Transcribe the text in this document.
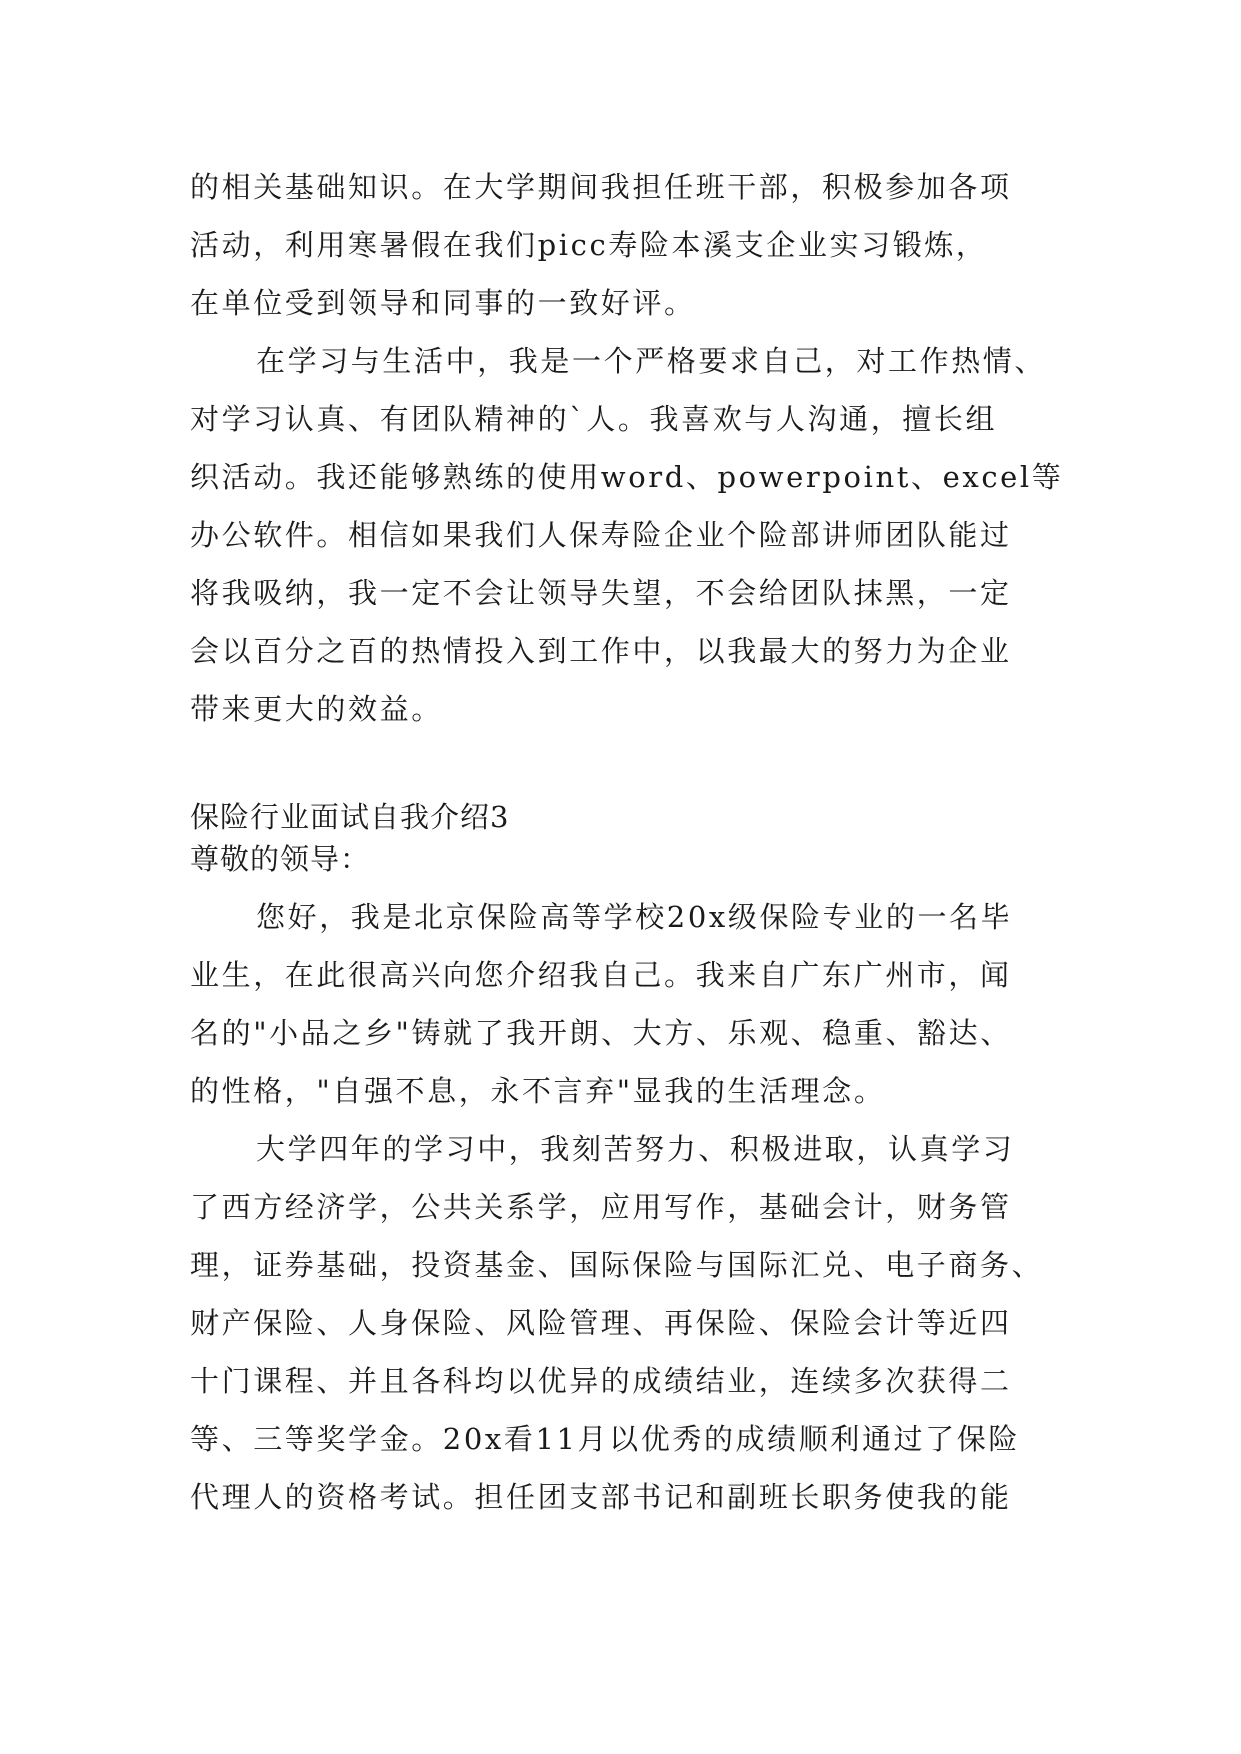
的相关基础知识。在大学期间我担任班干部，积极参加各项
活动，利用寒暑假在我们picc寿险本溪支企业实习锻炼，
在单位受到领导和同事的一致好评。
在学习与生活中，我是一个严格要求自己，对工作热情、
对学习认真、有团队精神的`人。我喜欢与人沟通，擅长组
织活动。我还能够熟练的使用word、powerpoint、excel等
办公软件。相信如果我们人保寿险企业个险部讲师团队能过
将我吸纳，我一定不会让领导失望，不会给团队抹黑，一定
会以百分之百的热情投入到工作中，以我最大的努力为企业
带来更大的效益。
保险行业面试自我介绍3
尊敬的领导：
您好，我是北京保险高等学校20x级保险专业的一名毕
业生，在此很高兴向您介绍我自己。我来自广东广州市，闻
名的"小品之乡"铸就了我开朗、大方、乐观、稳重、豁达、
的性格，"自强不息，永不言弃"显我的生活理念。
大学四年的学习中，我刻苦努力、积极进取，认真学习
了西方经济学，公共关系学，应用写作，基础会计，财务管
理，证券基础，投资基金、国际保险与国际汇兑、电子商务、
财产保险、人身保险、风险管理、再保险、保险会计等近四
十门课程、并且各科均以优异的成绩结业，连续多次获得二
等、三等奖学金。20x看11月以优秀的成绩顺利通过了保险
代理人的资格考试。担任团支部书记和副班长职务使我的能
